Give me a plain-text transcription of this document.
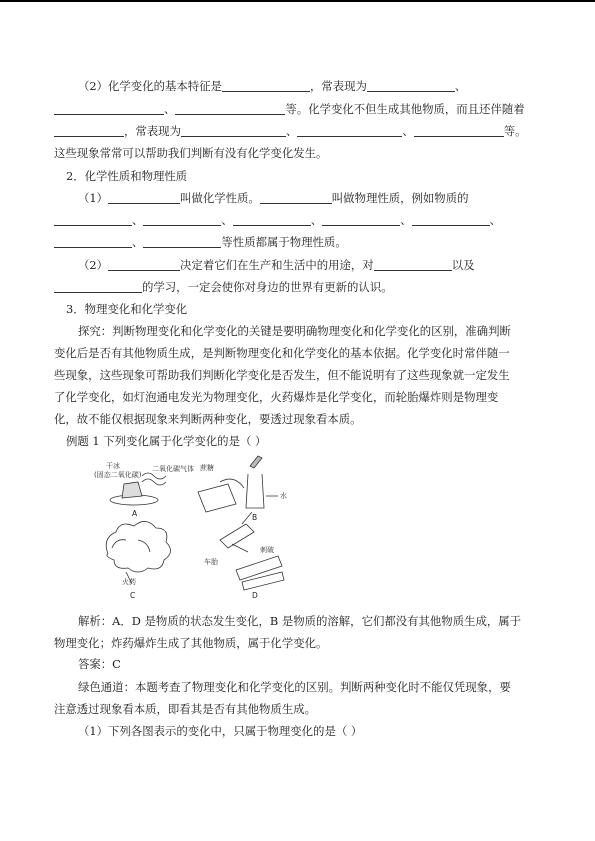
（2）化学变化的基本特征是	，常表现为	、
、	等。化学变化不但生成其他物质，而且还伴随着
，常表现为	、	、	等。
这些现象常常可以帮助我们判断有没有化学变化发生。
2．化学性质和物理性质
（1）	叫做化学性质。	叫做物理性质，例如物质的
、	、	、	、	、
、	等性质都属于物理性质。
（2）	决定着它们在生产和生活中的用途，对	以及
的学习，一定会使你对身边的世界有更新的认识。
3．物理变化和化学变化
探究：判断物理变化和化学变化的关键是要明确物理变化和化学变化的区别，准确判断
变化后是否有其他物质生成，是判断物理变化和化学变化的基本依据。化学变化时常伴随一
些现象，这些现象可帮助我们判断化学变化是否发生，但不能说明有了这些现象就一定发生
了化学变化，如灯泡通电发光为物理变化，火药爆炸是化学变化，而轮胎爆炸则是物理变
化，故不能仅根据现象来判断两种变化，要透过现象看本质。
例题 1 下列变化属于化学变化的是（ ）
干冰
(固态二氧化碳)
二氧化碳气体
A
蔗糖
水
B
火药
C
车胎
刺破
D
解析：A．D 是物质的状态发生变化，B 是物质的溶解，它们都没有其他物质生成，属于
物理变化；炸药爆炸生成了其他物质，属于化学变化。
答案：C
绿色通道：本题考查了物理变化和化学变化的区别。判断两种变化时不能仅凭现象，要
注意透过现象看本质，即看其是否有其他物质生成。
（1）下列各图表示的变化中，只属于物理变化的是（ ）
